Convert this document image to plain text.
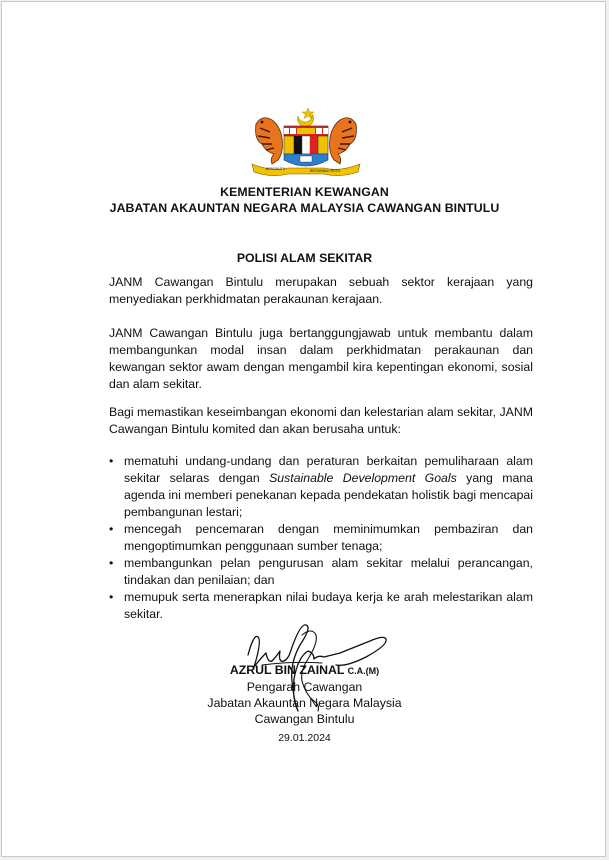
BERSEKUTU	BERTAMBAH MUTU
KEMENTERIAN KEWANGAN
JABATAN AKAUNTAN NEGARA MALAYSIA CAWANGAN BINTULU
POLISI ALAM SEKITAR

JANM Cawangan Bintulu merupakan sebuah sektor kerajaan yang menyediakan perkhidmatan perakaunan kerajaan.

JANM Cawangan Bintulu juga bertanggungjawab untuk membantu dalam membangunkan modal insan dalam perkhidmatan perakaunan dan kewangan sektor awam dengan mengambil kira kepentingan ekonomi, sosial dan alam sekitar.

Bagi memastikan keseimbangan ekonomi dan kelestarian alam sekitar, JANM Cawangan Bintulu komited dan akan berusaha untuk:

• mematuhi undang-undang dan peraturan berkaitan pemuliharaan alam sekitar selaras dengan Sustainable Development Goals yang mana agenda ini memberi penekanan kepada pendekatan holistik bagi mencapai pembangunan lestari;
• mencegah pencemaran dengan meminimumkan pembaziran dan mengoptimumkan penggunaan sumber tenaga;
• membangunkan pelan pengurusan alam sekitar melalui perancangan, tindakan dan penilaian; dan
• memupuk serta menerapkan nilai budaya kerja ke arah melestarikan alam sekitar.
AZRUL BIN ZAINAL C.A.(M)
Pengarah Cawangan
Jabatan Akauntan Negara Malaysia
Cawangan Bintulu
29.01.2024
